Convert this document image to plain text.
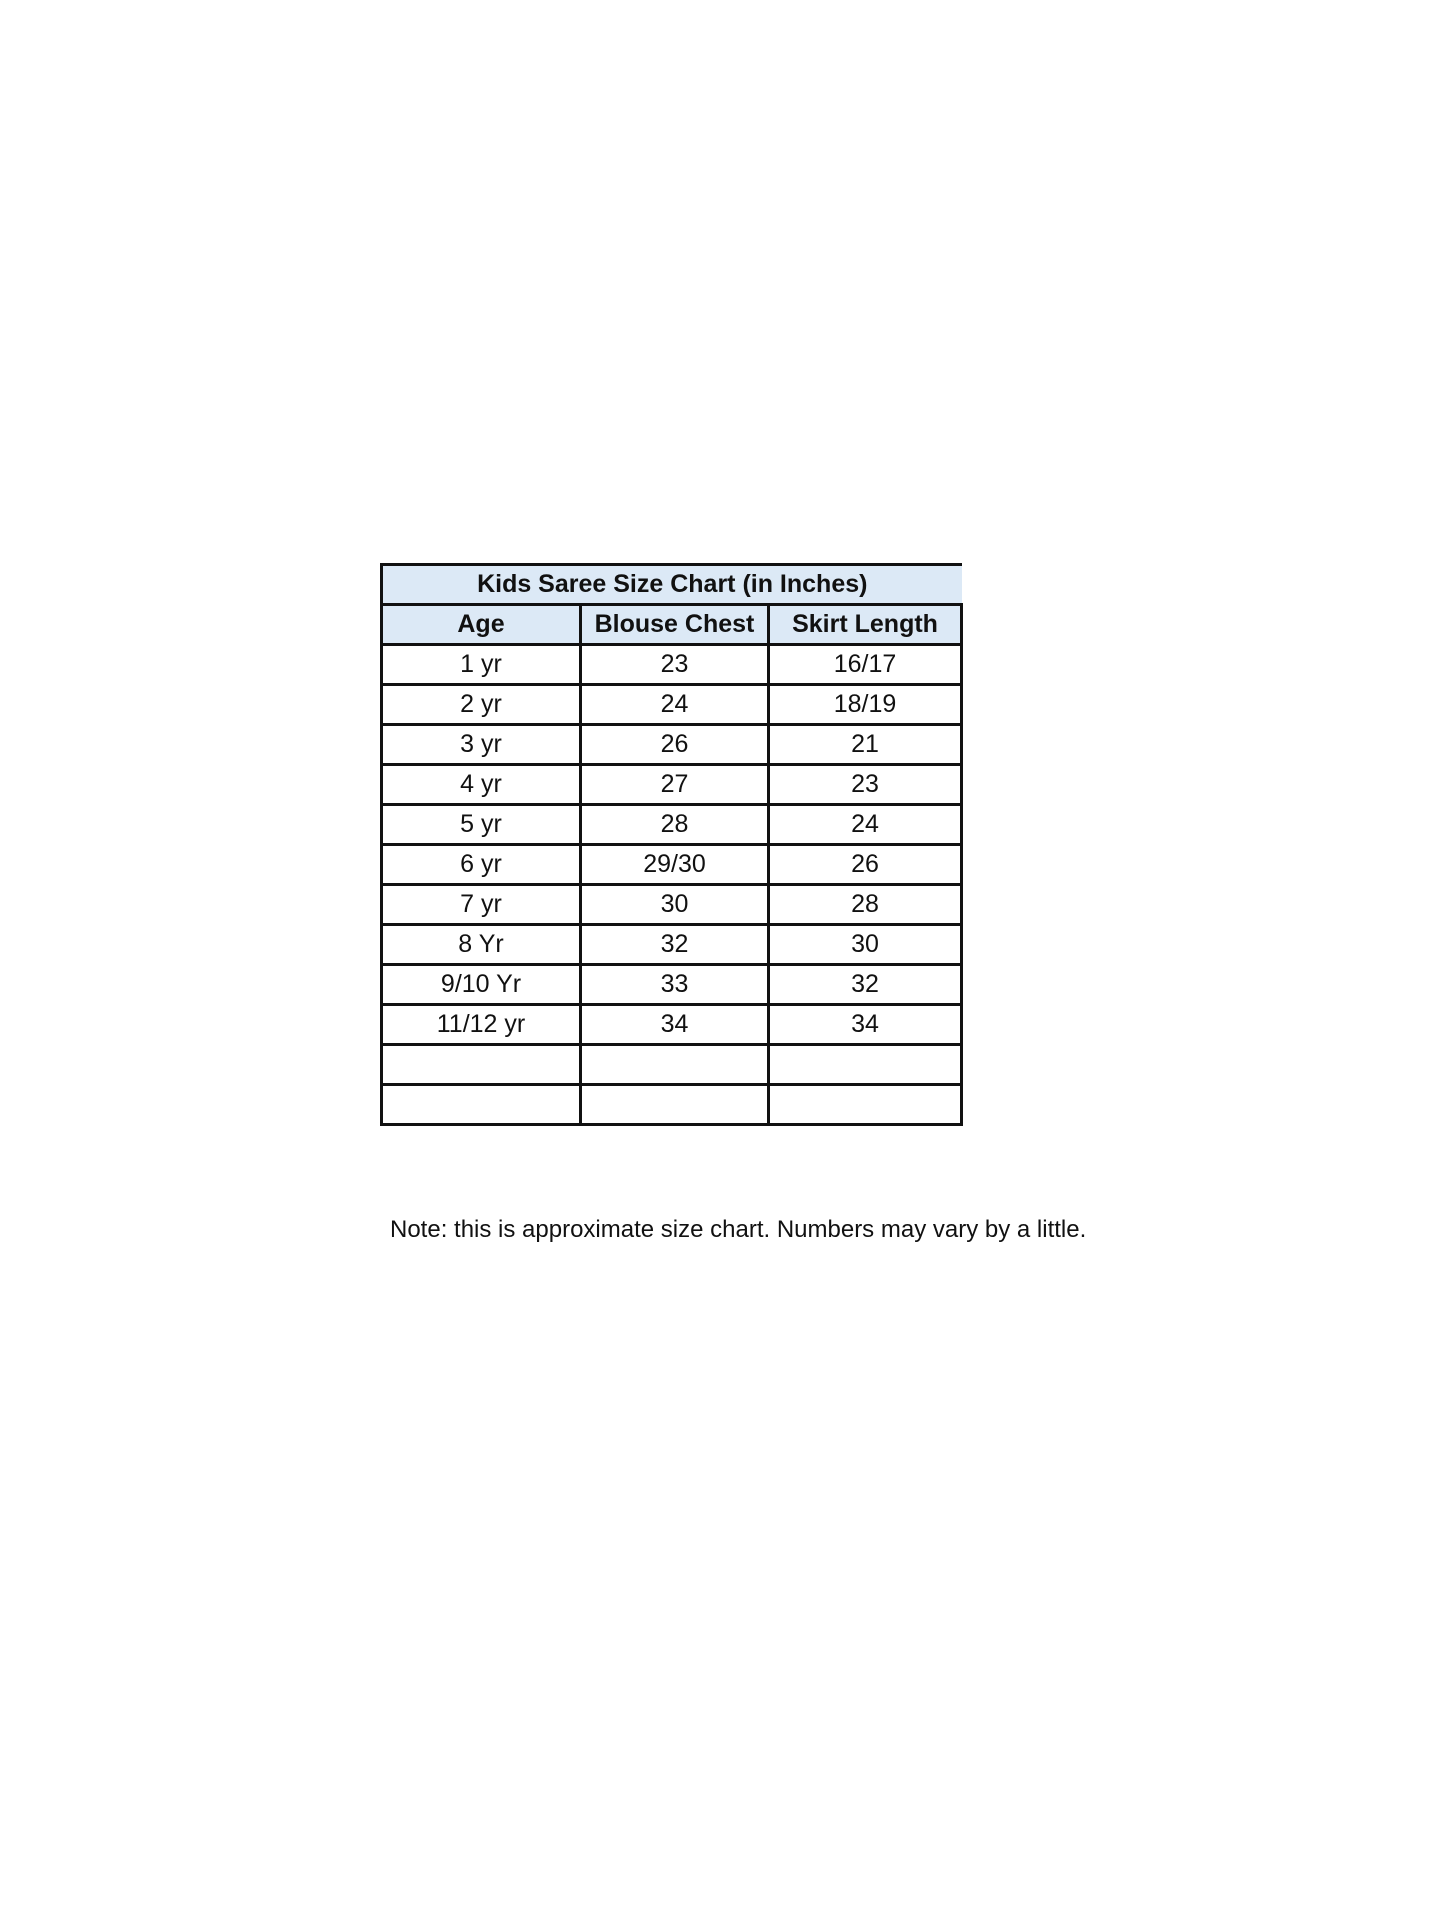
Kids Saree Size Chart (in Inches)		
Age	Blouse Chest	Skirt Length
1 yr	23	16/17
2 yr	24	18/19
3 yr	26	21
4 yr	27	23
5 yr	28	24
6 yr	29/30	26
7 yr	30	28
8 Yr	32	30
9/10 Yr	33	32
11/12 yr	34	34

Note: this is approximate size chart. Numbers may vary by a little.
